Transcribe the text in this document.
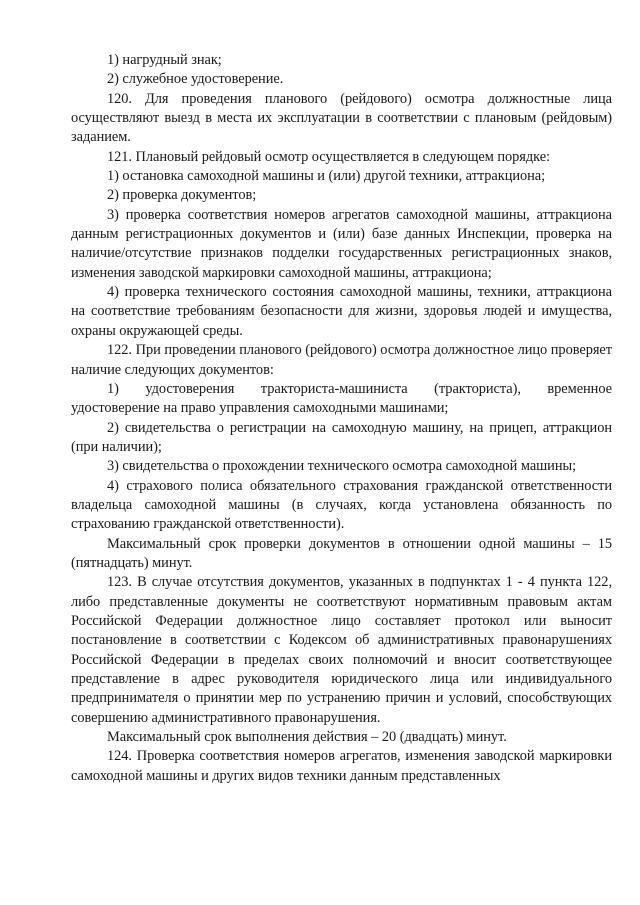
1) нагрудный знак;

2) служебное удостоверение.

120. Для проведения планового (рейдового) осмотра должностные лица осуществляют выезд в места их эксплуатации в соответствии с плановым (рейдовым) заданием.

121. Плановый рейдовый осмотр осуществляется в следующем порядке:

1) остановка самоходной машины и (или) другой техники, аттракциона;

2) проверка документов;

3) проверка соответствия номеров агрегатов самоходной машины, аттракциона данным регистрационных документов и (или) базе данных Инспекции, проверка на наличие/отсутствие признаков подделки государственных регистрационных знаков, изменения заводской маркировки самоходной машины, аттракциона;

4) проверка технического состояния самоходной машины, техники, аттракциона на соответствие требованиям безопасности для жизни, здоровья людей и имущества, охраны окружающей среды.

122. При проведении планового (рейдового) осмотра должностное лицо проверяет наличие следующих документов:

1) удостоверения тракториста-машиниста (тракториста), временное удостоверение на право управления самоходными машинами;

2) свидетельства о регистрации на самоходную машину, на прицеп, аттракцион (при наличии);

3) свидетельства о прохождении технического осмотра самоходной машины;

4) страхового полиса обязательного страхования гражданской ответственности владельца самоходной машины (в случаях, когда установлена обязанность по страхованию гражданской ответственности).

Максимальный срок проверки документов в отношении одной машины – 15 (пятнадцать) минут.

123. В случае отсутствия документов, указанных в подпунктах 1 - 4 пункта 122, либо представленные документы не соответствуют нормативным правовым актам Российской Федерации должностное лицо составляет протокол или выносит постановление в соответствии с Кодексом об административных правонарушениях Российской Федерации в пределах своих полномочий и вносит соответствующее представление в адрес руководителя юридического лица или индивидуального предпринимателя о принятии мер по устранению причин и условий, способствующих совершению административного правонарушения.

Максимальный срок выполнения действия – 20 (двадцать) минут.

124. Проверка соответствия номеров агрегатов, изменения заводской маркировки самоходной машины и других видов техники данным представленных
